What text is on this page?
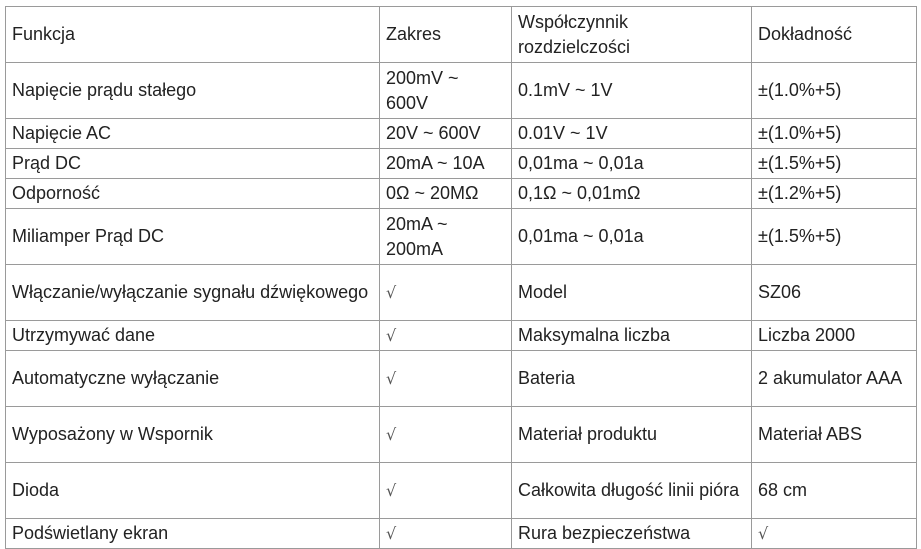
Funkcja	Zakres	Współczynnik rozdzielczości	Dokładność
Napięcie prądu stałego	200mV ~ 600V	0.1mV ~ 1V	±(1.0%+5)
Napięcie AC	20V ~ 600V	0.01V ~ 1V	±(1.0%+5)
Prąd DC	20mA ~ 10A	0,01ma ~ 0,01a	±(1.5%+5)
Odporność	0Ω ~ 20MΩ	0,1Ω ~ 0,01mΩ	±(1.2%+5)
Miliamper Prąd DC	20mA ~ 200mA	0,01ma ~ 0,01a	±(1.5%+5)
Włączanie/wyłączanie sygnału dźwiękowego	√	Model	SZ06
Utrzymywać dane	√	Maksymalna liczba	Liczba 2000
Automatyczne wyłączanie	√	Bateria	2 akumulator AAA
Wyposażony w Wspornik	√	Materiał produktu	Materiał ABS
Dioda	√	Całkowita długość linii pióra	68 cm
Podświetlany ekran	√	Rura bezpieczeństwa	√
